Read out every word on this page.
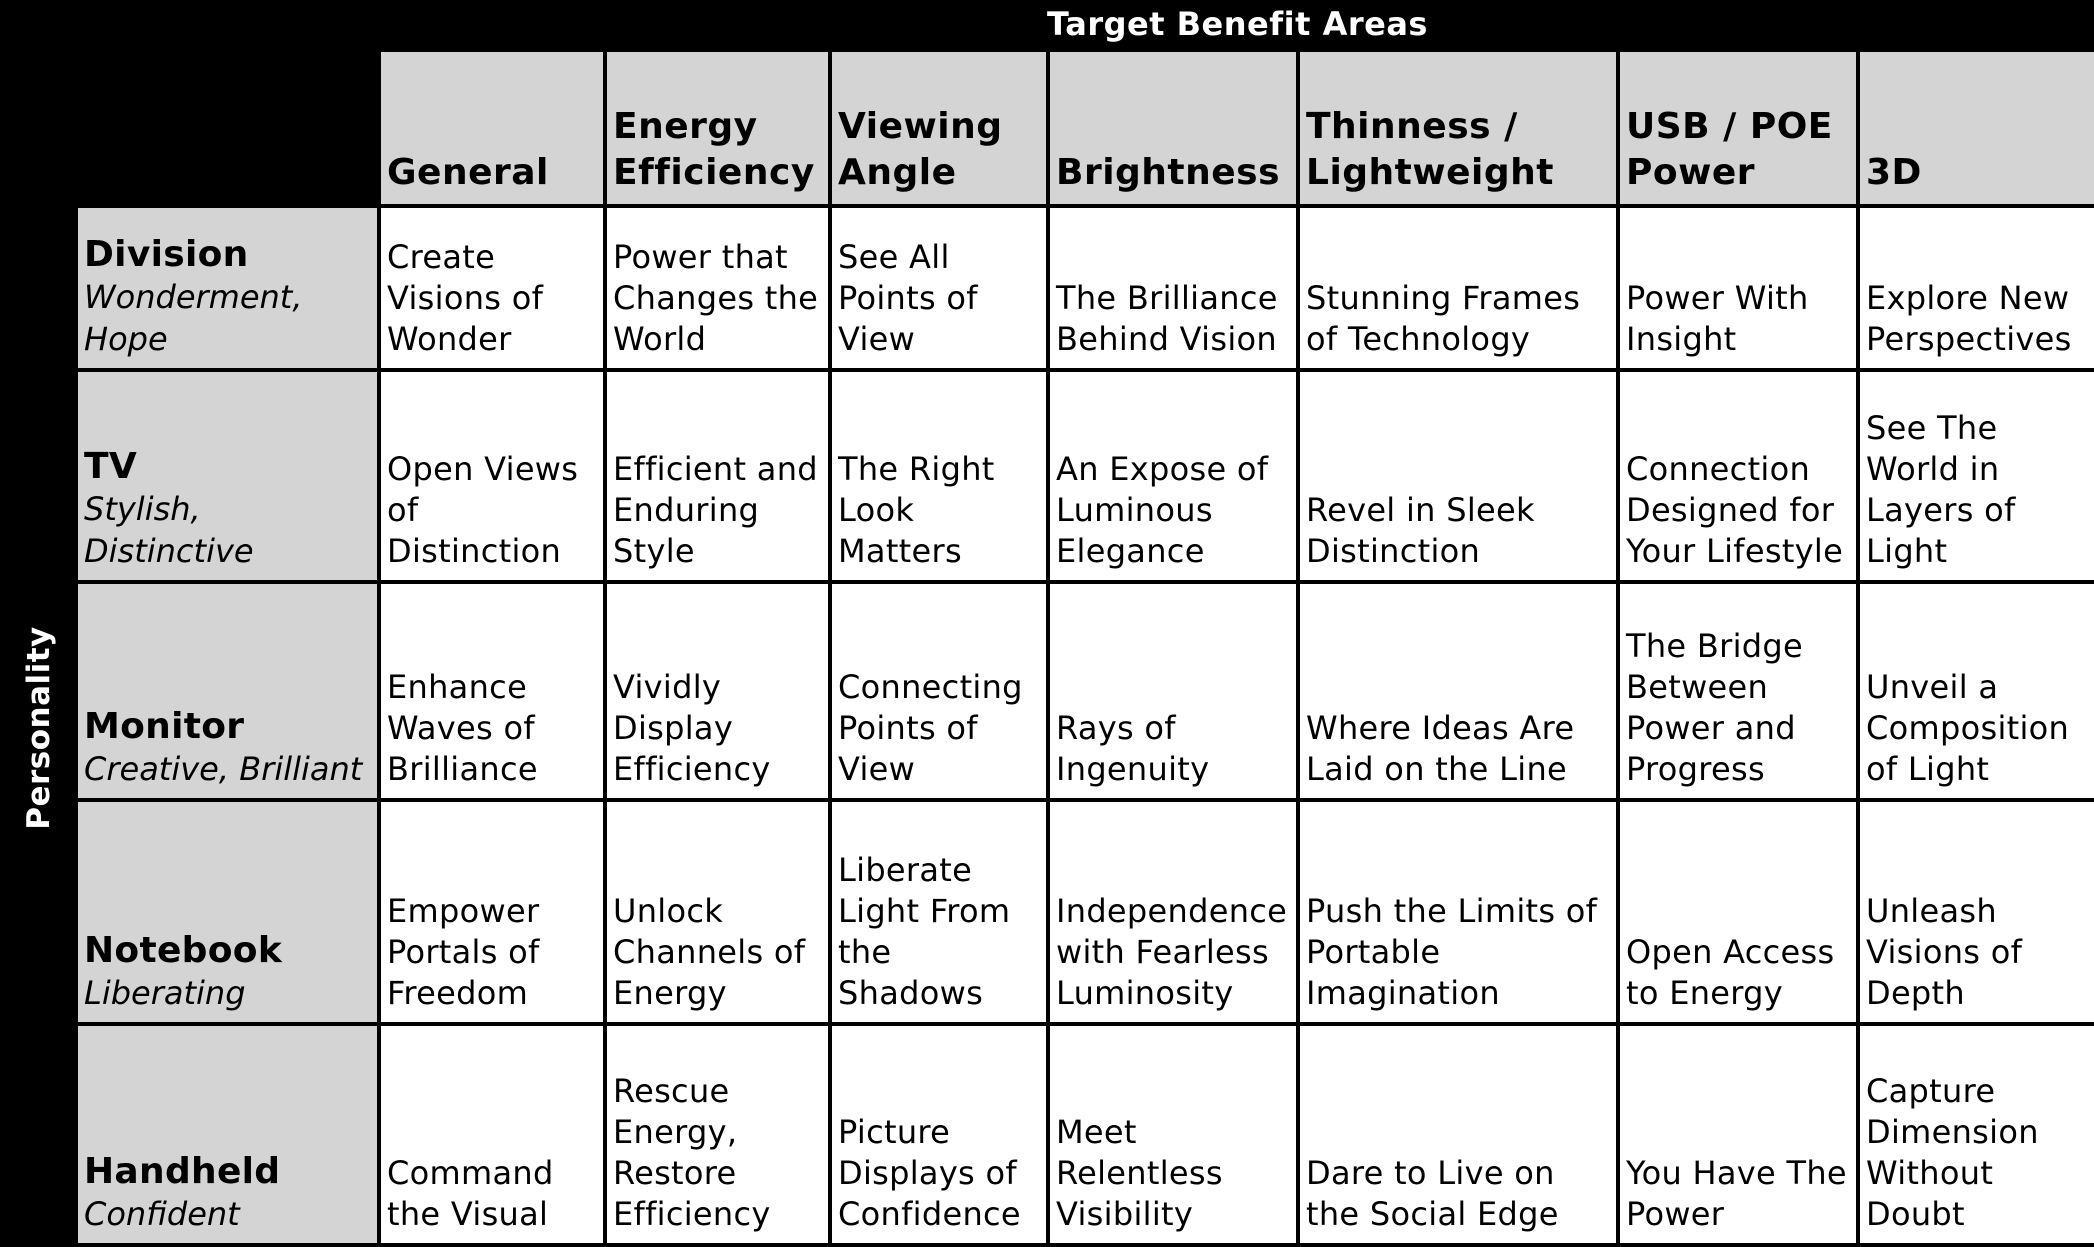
Target Benefit Areas
Personality
General
Energy Efficiency
Viewing Angle	Brightness
Thinness / Lightweight
USB / POE Power	3D
Division
Wonderment, Hope
Create Visions of Wonder
Power that Changes the World
See All Points of View
The Brilliance Behind Vision
Stunning Frames of Technology
Power With Insight
Explore New Perspectives
TV
Stylish, Distinctive
Open Views of Distinction
Efficient and Enduring Style
The Right Look Matters
An Expose of Luminous Elegance
Revel in Sleek Distinction
Connection Designed for Your Lifestyle
See The World in Layers of Light
Monitor
Creative, Brilliant
Enhance Waves of Brilliance
Vividly Display Efficiency
Connecting Points of View
Rays of Ingenuity
Where Ideas Are Laid on the Line
The Bridge Between Power and Progress
Unveil a Composition of Light
Notebook
Liberating
Empower Portals of Freedom
Unlock Channels of Energy
Liberate Light From the Shadows
Independence with Fearless Luminosity
Push the Limits of Portable Imagination
Open Access to Energy
Unleash Visions of Depth
Handheld
Confident
Command the Visual
Rescue Energy, Restore Efficiency
Picture Displays of Confidence
Meet Relentless Visibility
Dare to Live on the Social Edge
You Have The Power
Capture Dimension Without Doubt
